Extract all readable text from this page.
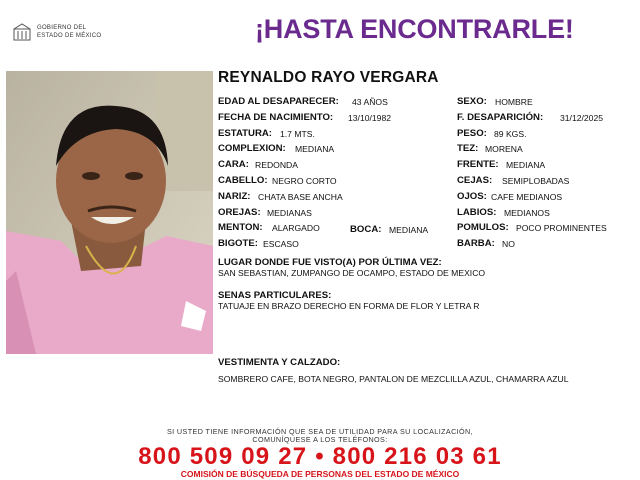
GOBIERNO DEL
ESTADO DE MÉXICO	¡HASTA ENCONTRARLE!
REYNALDO RAYO VERGARA
EDAD AL DESAPARECER: 43 AÑOS
FECHA DE NACIMIENTO: 13/10/1982
ESTATURA: 1.7 MTS.
COMPLEXION: MEDIANA
CARA: REDONDA
CABELLO: NEGRO CORTO
NARIZ: CHATA BASE ANCHA
OREJAS: MEDIANAS
MENTON: ALARGADO
BIGOTE: ESCASO
BOCA: MEDIANA
SEXO: HOMBRE
F. DESAPARICIÓN: 31/12/2025
PESO: 89 KGS.
TEZ: MORENA
FRENTE: MEDIANA
CEJAS: SEMIPLOBADAS
OJOS: CAFE MEDIANOS
LABIOS: MEDIANOS
POMULOS: POCO PROMINENTES
BARBA: NO
LUGAR DONDE FUE VISTO(A) POR ÚLTIMA VEZ:
SAN SEBASTIAN, ZUMPANGO DE OCAMPO, ESTADO DE MEXICO
SENAS PARTICULARES:
TATUAJE EN BRAZO DERECHO EN FORMA DE FLOR Y LETRA R
VESTIMENTA Y CALZADO:
SOMBRERO CAFE, BOTA NEGRO, PANTALON DE MEZCLILLA AZUL, CHAMARRA AZUL
SI USTED TIENE INFORMACIÓN QUE SEA DE UTILIDAD PARA SU LOCALIZACIÓN,
COMUNÍQUESE A LOS TELÉFONOS:
800 509 09 27 • 800 216 03 61
COMISIÓN DE BÚSQUEDA DE PERSONAS DEL ESTADO DE MÉXICO
